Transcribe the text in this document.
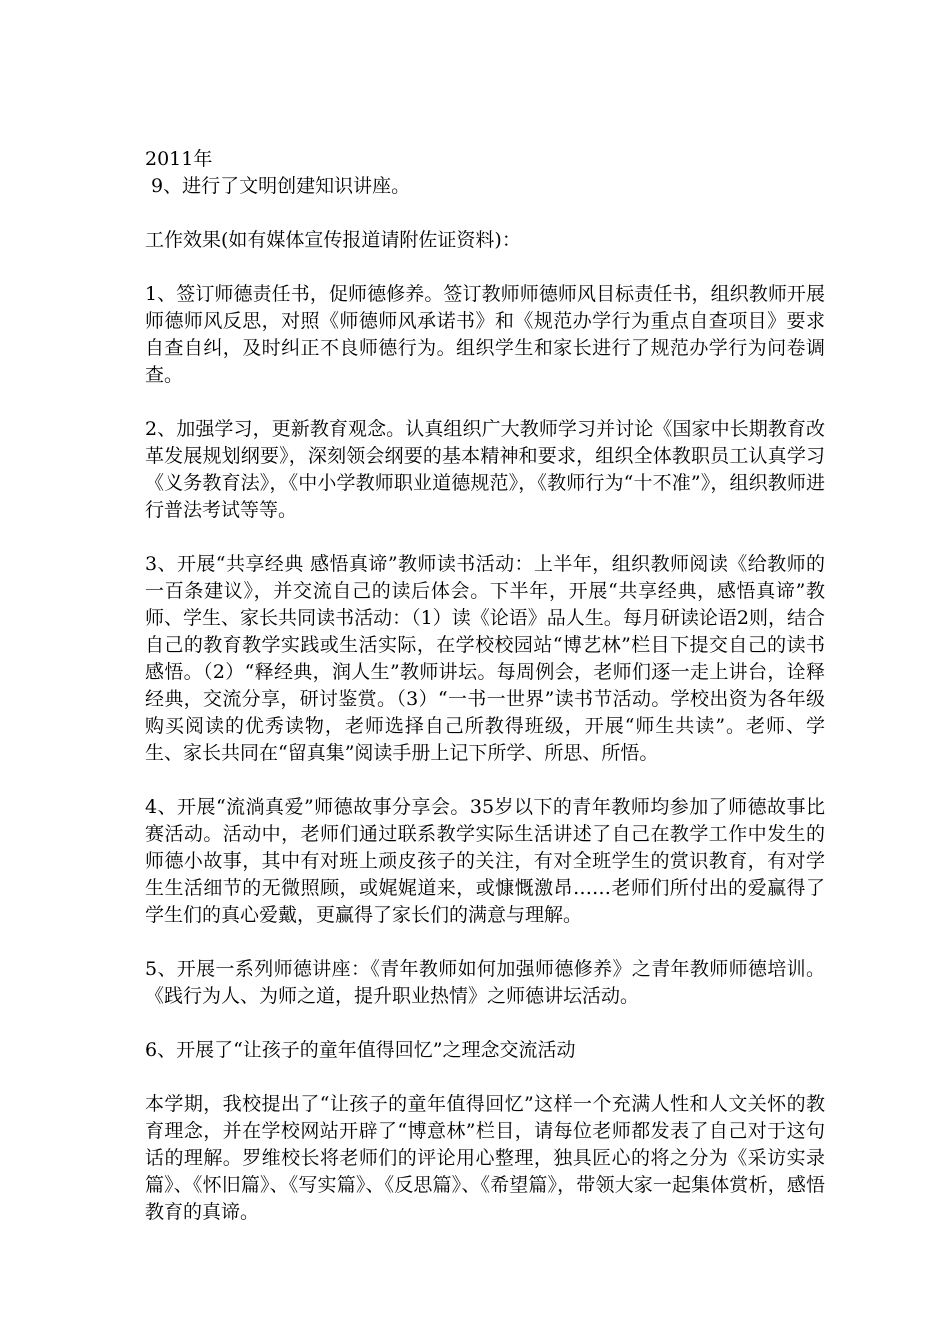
2011年

9、进行了文明创建知识讲座。

工作效果(如有媒体宣传报道请附佐证资料)：

1、签订师德责任书，促师德修养。签订教师师德师风目标责任书，组织教师开展师德师风反思，对照《师德师风承诺书》和《规范办学行为重点自查项目》要求自查自纠，及时纠正不良师德行为。组织学生和家长进行了规范办学行为问卷调查。

2、加强学习，更新教育观念。认真组织广大教师学习并讨论《国家中长期教育改革发展规划纲要》，深刻领会纲要的基本精神和要求，组织全体教职员工认真学习《义务教育法》，《中小学教师职业道德规范》，《教师行为“十不准”》，组织教师进行普法考试等等。

3、开展“共享经典 感悟真谛”教师读书活动：上半年，组织教师阅读《给教师的一百条建议》，并交流自己的读后体会。下半年，开展“共享经典，感悟真谛”教师、学生、家长共同读书活动：（1）读《论语》品人生。每月研读论语2则，结合自己的教育教学实践或生活实际，在学校校园站“博艺林”栏目下提交自己的读书感悟。（2）“释经典，润人生”教师讲坛。每周例会，老师们逐一走上讲台，诠释经典，交流分享，研讨鉴赏。（3）“一书一世界”读书节活动。学校出资为各年级购买阅读的优秀读物，老师选择自己所教得班级，开展“师生共读”。老师、学生、家长共同在“留真集”阅读手册上记下所学、所思、所悟。

4、开展“流淌真爱”师德故事分享会。35岁以下的青年教师均参加了师德故事比赛活动。活动中，老师们通过联系教学实际生活讲述了自己在教学工作中发生的师德小故事，其中有对班上顽皮孩子的关注，有对全班学生的赏识教育，有对学生生活细节的无微照顾，或娓娓道来，或慷慨激昂……老师们所付出的爱赢得了学生们的真心爱戴，更赢得了家长们的满意与理解。

5、开展一系列师德讲座：《青年教师如何加强师德修养》之青年教师师德培训。《践行为人、为师之道，提升职业热情》之师德讲坛活动。

6、开展了“让孩子的童年值得回忆”之理念交流活动

本学期，我校提出了“让孩子的童年值得回忆”这样一个充满人性和人文关怀的教育理念，并在学校网站开辟了“博意林”栏目，请每位老师都发表了自己对于这句话的理解。罗维校长将老师们的评论用心整理，独具匠心的将之分为《采访实录篇》、《怀旧篇》、《写实篇》、《反思篇》、《希望篇》，带领大家一起集体赏析，感悟教育的真谛。
